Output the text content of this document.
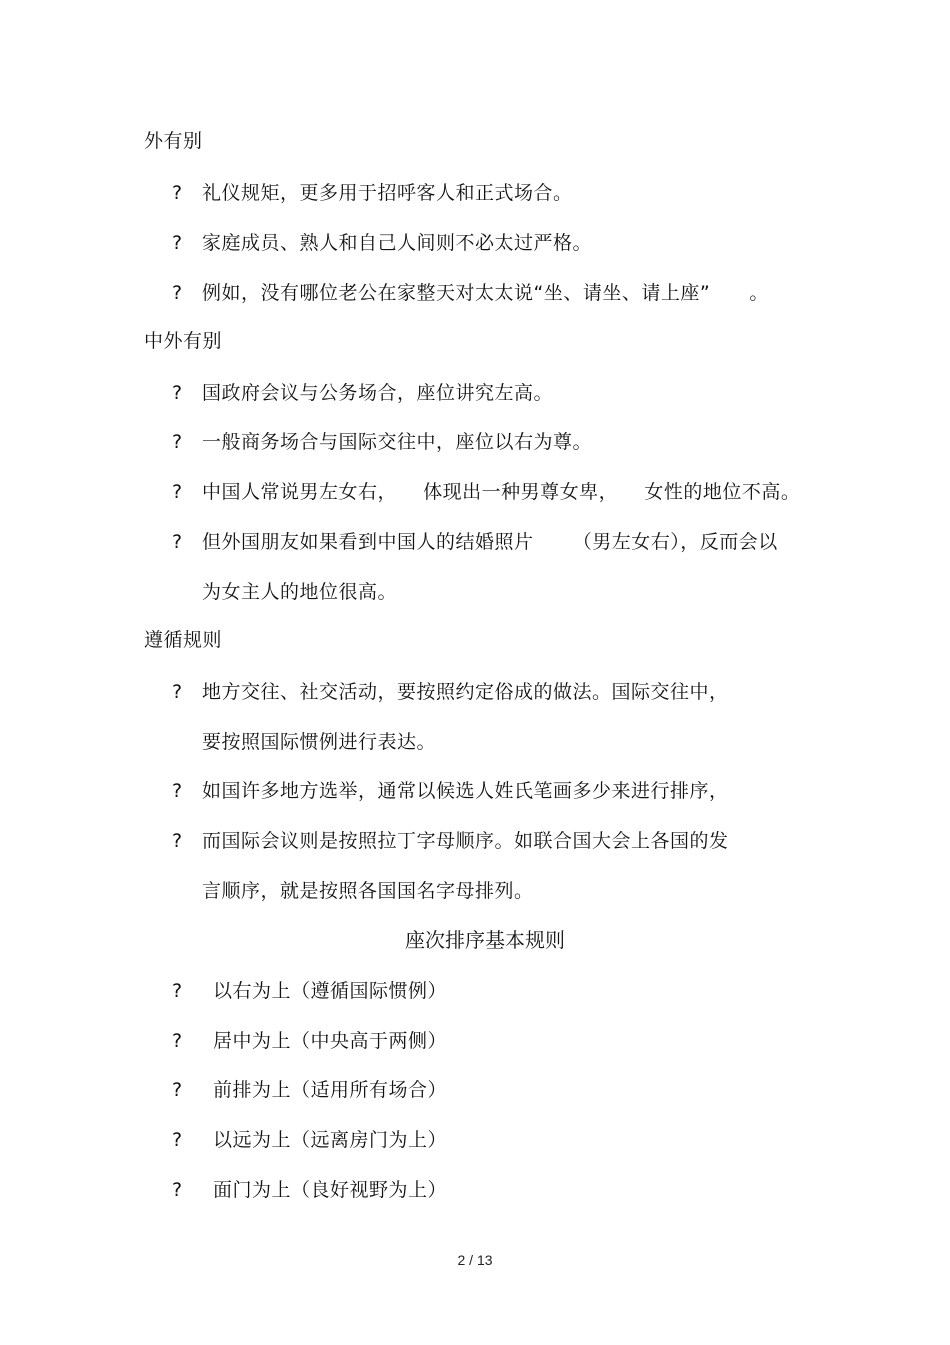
外有别
? 礼仪规矩，更多用于招呼客人和正式场合。
? 家庭成员、熟人和自己人间则不必太过严格。
? 例如，没有哪位老公在家整天对太太说“坐、请坐、请上座”      。
中外有别
? 国政府会议与公务场合，座位讲究左高。
? 一般商务场合与国际交往中，座位以右为尊。
? 中国人常说男左女右，    体现出一种男尊女卑，    女性的地位不高。
? 但外国朋友如果看到中国人的结婚照片      （男左女右），反而会以
为女主人的地位很高。
遵循规则
? 地方交往、社交活动，要按照约定俗成的做法。国际交往中，
要按照国际惯例进行表达。
? 如国许多地方选举，通常以候选人姓氏笔画多少来进行排序，
? 而国际会议则是按照拉丁字母顺序。如联合国大会上各国的发
言顺序，就是按照各国国名字母排列。
座次排序基本规则
? 以右为上（遵循国际惯例）
? 居中为上（中央高于两侧）
? 前排为上（适用所有场合）
? 以远为上（远离房门为上）
? 面门为上（良好视野为上）
2 / 13
